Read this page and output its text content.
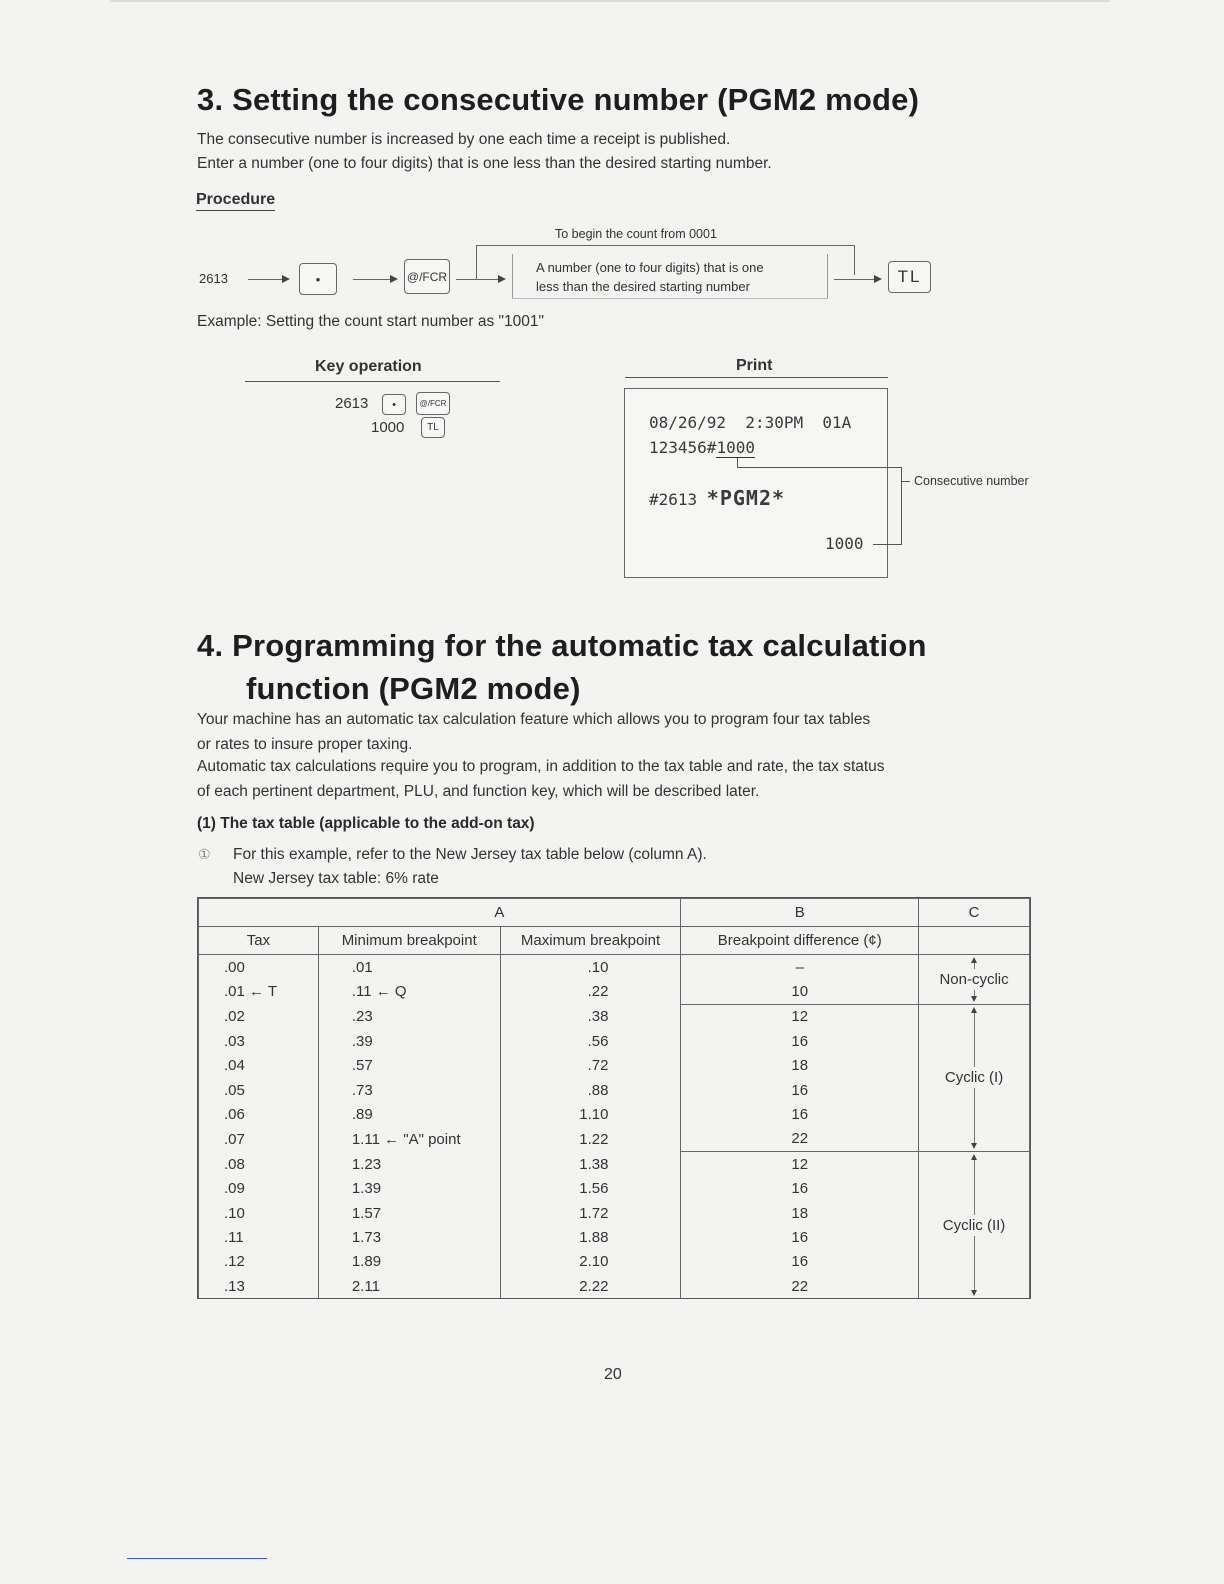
3. Setting the consecutive number (PGM2 mode)
The consecutive number is increased by one each time a receipt is published.
Enter a number (one to four digits) that is one less than the desired starting number.
Procedure
2613	•	@/FCR
To begin the count from 0001
A number (one to four digits) that is one
less than the desired starting number
TL
Example: Setting the count start number as "1001"
Key operation
2613	•	@/FCR
1000	TL
Print
08/26/92  2:30PM  01A
123456#1000
#2613 *PGM2*
1000
Consecutive number
4. Programming for the automatic tax calculation
function (PGM2 mode)
Your machine has an automatic tax calculation feature which allows you to program four tax tables
or rates to insure proper taxing.
Automatic tax calculations require you to program, in addition to the tax table and rate, the tax status
of each pertinent department, PLU, and function key, which will be described later.
(1) The tax table (applicable to the add-on tax)
① For this example, refer to the New Jersey tax table below (column A).
New Jersey tax table: 6% rate
	A		B	C
Tax	Minimum breakpoint	Maximum breakpoint	Breakpoint difference (¢)	
.00	.01	.10	–	Non-cyclic
.01 ← T	.11 ← Q	.22	10	
.02	.23	.38	12	Cyclic (I)
.03	.39	.56	16	
.04	.57	.72	18	
.05	.73	.88	16	
.06	.89	1.10	16	
.07	1.11 ← "A" point	1.22	22	
.08	1.23	1.38	12	Cyclic (II)
.09	1.39	1.56	16	
.10	1.57	1.72	18	
.11	1.73	1.88	16	
.12	1.89	2.10	16	
.13	2.11	2.22	22	
20
